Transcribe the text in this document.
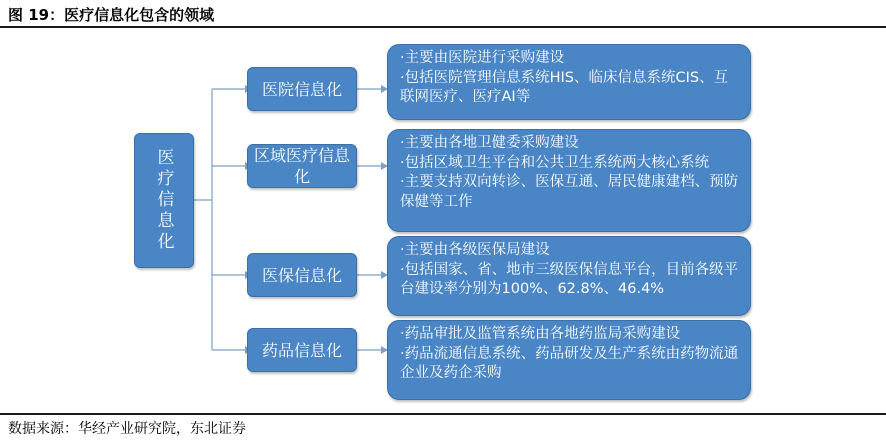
图 19：医疗信息化包含的领域
医疗信息化
医院信息化
区域医疗信息化
医保信息化
药品信息化
·主要由医院进行采购建设
·包括医院管理信息系统HIS、临床信息系统CIS、互联网医疗、医疗AI等
·主要由各地卫健委采购建设
·包括区域卫生平台和公共卫生系统两大核心系统
·主要支持双向转诊、医保互通、居民健康建档、预防保健等工作
·主要由各级医保局建设
·包括国家、省、地市三级医保信息平台，目前各级平台建设率分别为100%、62.8%、46.4%
·药品审批及监管系统由各地药监局采购建设
·药品流通信息系统、药品研发及生产系统由药物流通企业及药企采购
数据来源：华经产业研究院，东北证券
